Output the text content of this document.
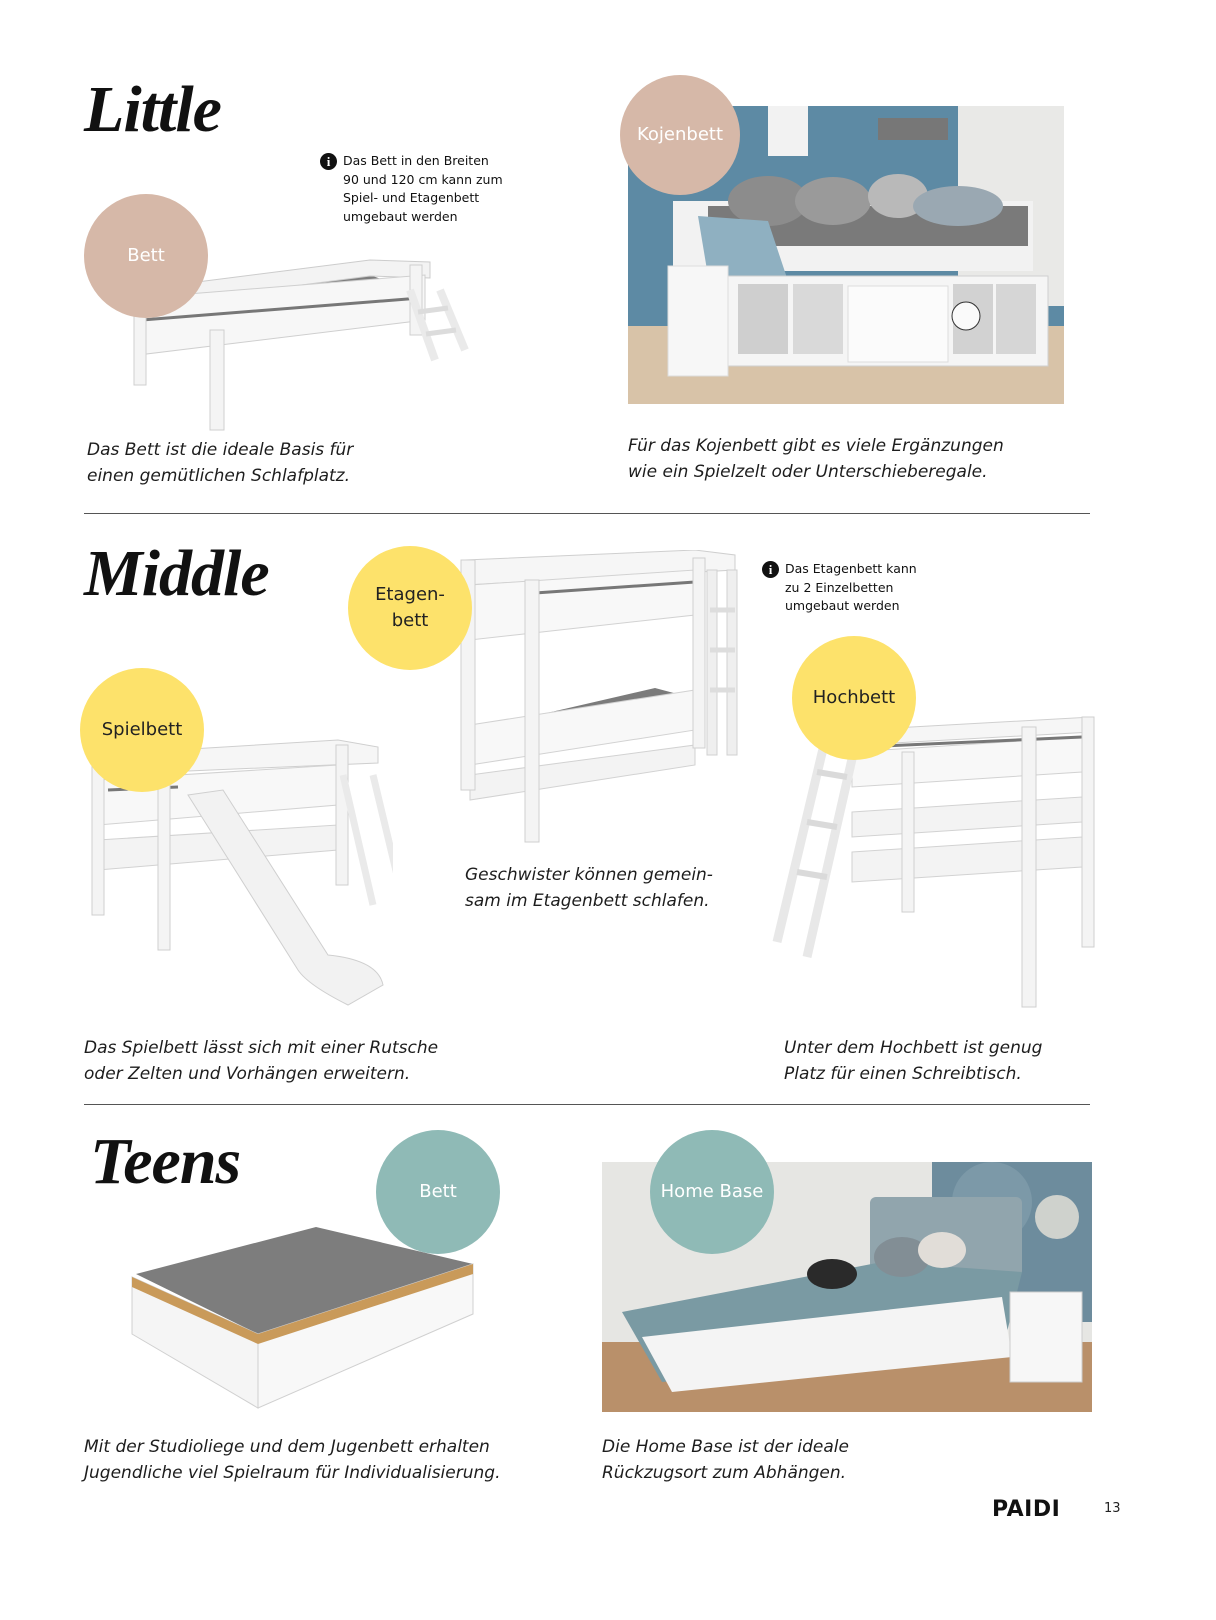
Little
i	Das Bett in den Breiten
90 und 120 cm kann zum
Spiel- und Etagenbett
umgebaut werden
Bett
Das Bett ist die ideale Basis für
einen gemütlichen Schlafplatz.
Kojenbett
Für das Kojenbett gibt es viele Ergänzungen
wie ein Spielzelt oder Unterschieberegale.
Middle	Etagen-
bett
i	Das Etagenbett kann
zu 2 Einzelbetten
umgebaut werden
Spielbett
Hochbett
Geschwister können gemein-
sam im Etagenbett schlafen.
Das Spielbett lässt sich mit einer Rutsche
oder Zelten und Vorhängen erweitern.
Unter dem Hochbett ist genug
Platz für einen Schreibtisch.
Teens	Bett	Home Base
Mit der Studioliege und dem Jugenbett erhalten
Jugendliche viel Spielraum für Individualisierung.
Die Home Base ist der ideale
Rückzugsort zum Abhängen.
PAIDI	13
